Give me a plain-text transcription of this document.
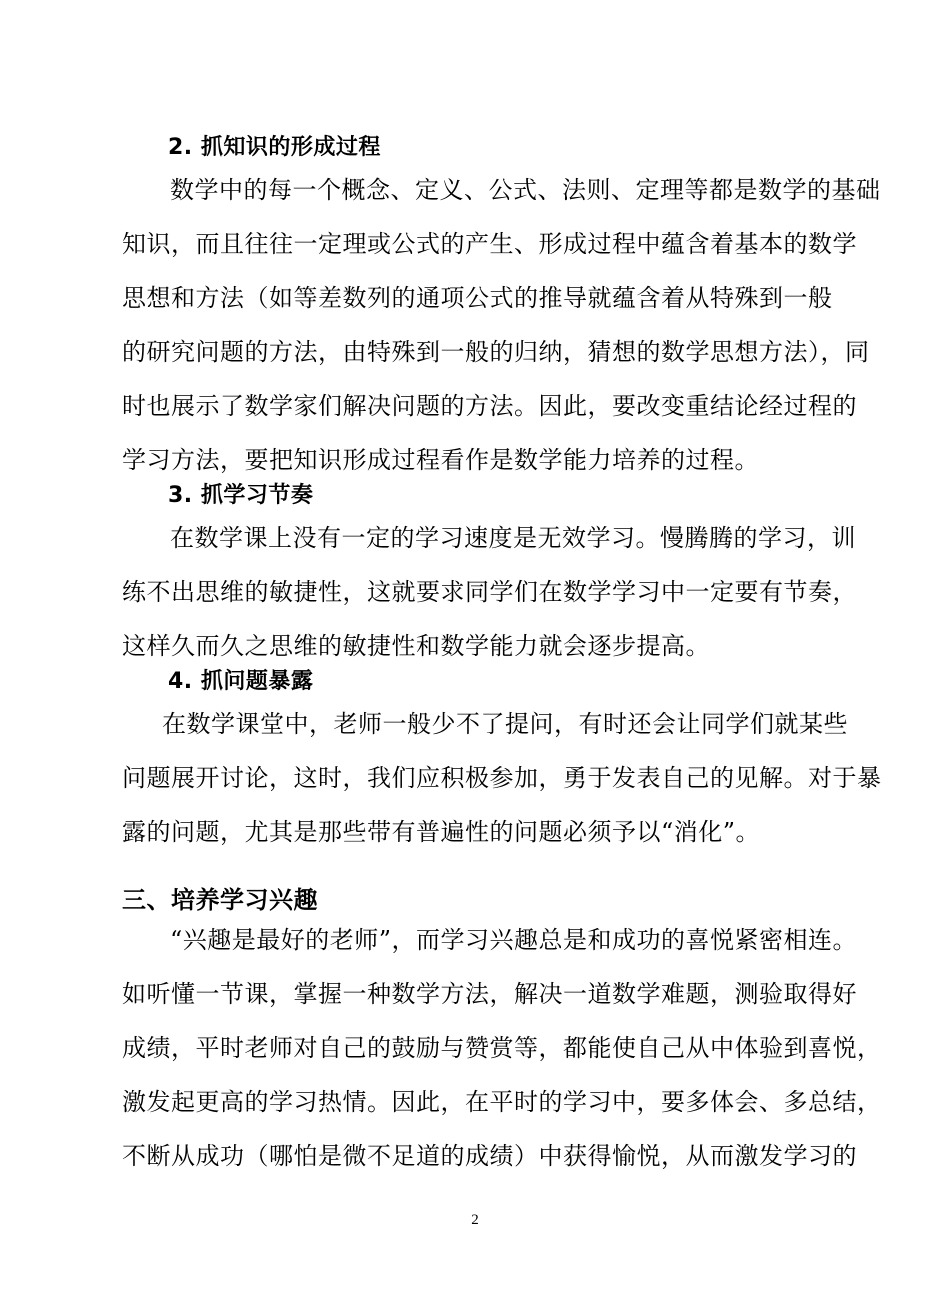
2. 抓知识的形成过程
数学中的每一个概念、定义、公式、法则、定理等都是数学的基础
知识，而且往往一定理或公式的产生、形成过程中蕴含着基本的数学
思想和方法（如等差数列的通项公式的推导就蕴含着从特殊到一般
的研究问题的方法，由特殊到一般的归纳，猜想的数学思想方法），同
时也展示了数学家们解决问题的方法。因此，要改变重结论经过程的
学习方法，要把知识形成过程看作是数学能力培养的过程。
3. 抓学习节奏
在数学课上没有一定的学习速度是无效学习。慢腾腾的学习，训
练不出思维的敏捷性，这就要求同学们在数学学习中一定要有节奏，
这样久而久之思维的敏捷性和数学能力就会逐步提高。
4. 抓问题暴露
在数学课堂中，老师一般少不了提问，有时还会让同学们就某些
问题展开讨论，这时，我们应积极参加，勇于发表自己的见解。对于暴
露的问题，尤其是那些带有普遍性的问题必须予以“消化”。
三、培养学习兴趣
“兴趣是最好的老师”，而学习兴趣总是和成功的喜悦紧密相连。
如听懂一节课，掌握一种数学方法，解决一道数学难题，测验取得好
成绩，平时老师对自己的鼓励与赞赏等，都能使自己从中体验到喜悦，
激发起更高的学习热情。因此，在平时的学习中，要多体会、多总结，
不断从成功（哪怕是微不足道的成绩）中获得愉悦，从而激发学习的
2
